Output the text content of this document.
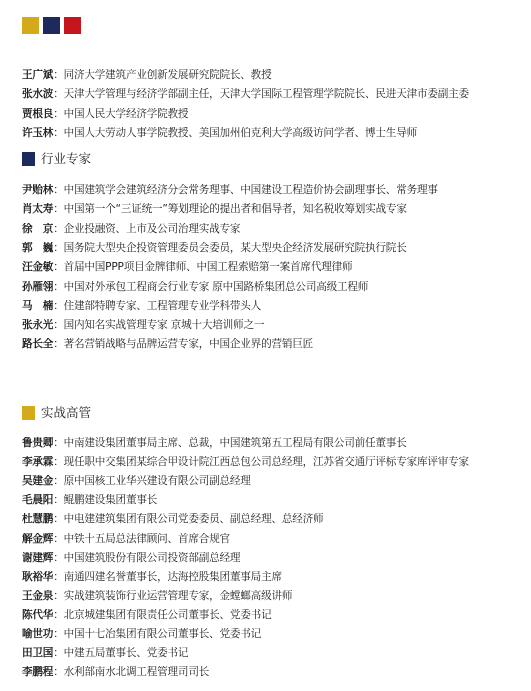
王广斌：同济大学建筑产业创新发展研究院院长、教授
张水波：天津大学管理与经济学部副主任，天津大学国际工程管理学院院长、民进天津市委副主委
贾根良：中国人民大学经济学院教授
许玉林：中国人大劳动人事学院教授、美国加州伯克利大学高级访问学者、博士生导师
行业专家
尹贻林：中国建筑学会建筑经济分会常务理事、中国建设工程造价协会副理事长、常务理事
肖太寿：中国第一个“三证统一”筹划理论的提出者和倡导者，知名税收筹划实战专家
徐　京：企业投融资、上市及公司治理实战专家
郭　巍：国务院大型央企投资管理委员会委员，某大型央企经济发展研究院执行院长
汪金敏：首届中国PPP项目金牌律师、中国工程索赔第一案首席代理律师
孙雁翎：中国对外承包工程商会行业专家 原中国路桥集团总公司高级工程师
马　楠：住建部特聘专家、工程管理专业学科带头人
张永光：国内知名实战管理专家 京城十大培训师之一
路长全：著名营销战略与品牌运营专家，中国企业界的营销巨匠
实战高管
鲁贵卿：中南建设集团董事局主席、总裁，中国建筑第五工程局有限公司前任董事长
李承霖：现任职中交集团某综合甲设计院江西总包公司总经理，江苏省交通厅评标专家库评审专家
吴建金：原中国核工业华兴建设有限公司副总经理
毛晨阳：鲲鹏建设集团董事长
杜慧鹏：中电建建筑集团有限公司党委委员、副总经理、总经济师
解金辉：中铁十五局总法律顾问、首席合规官
谢建辉：中国建筑股份有限公司投资部副总经理
耿裕华：南通四建名誉董事长，达海控股集团董事局主席
王金泉：实战建筑装饰行业运营管理专家，金螳螂高级讲师
陈代华：北京城建集团有限责任公司董事长、党委书记
喻世功：中国十七冶集团有限公司董事长、党委书记
田卫国：中建五局董事长、党委书记
李鹏程：水利部南水北调工程管理司司长
